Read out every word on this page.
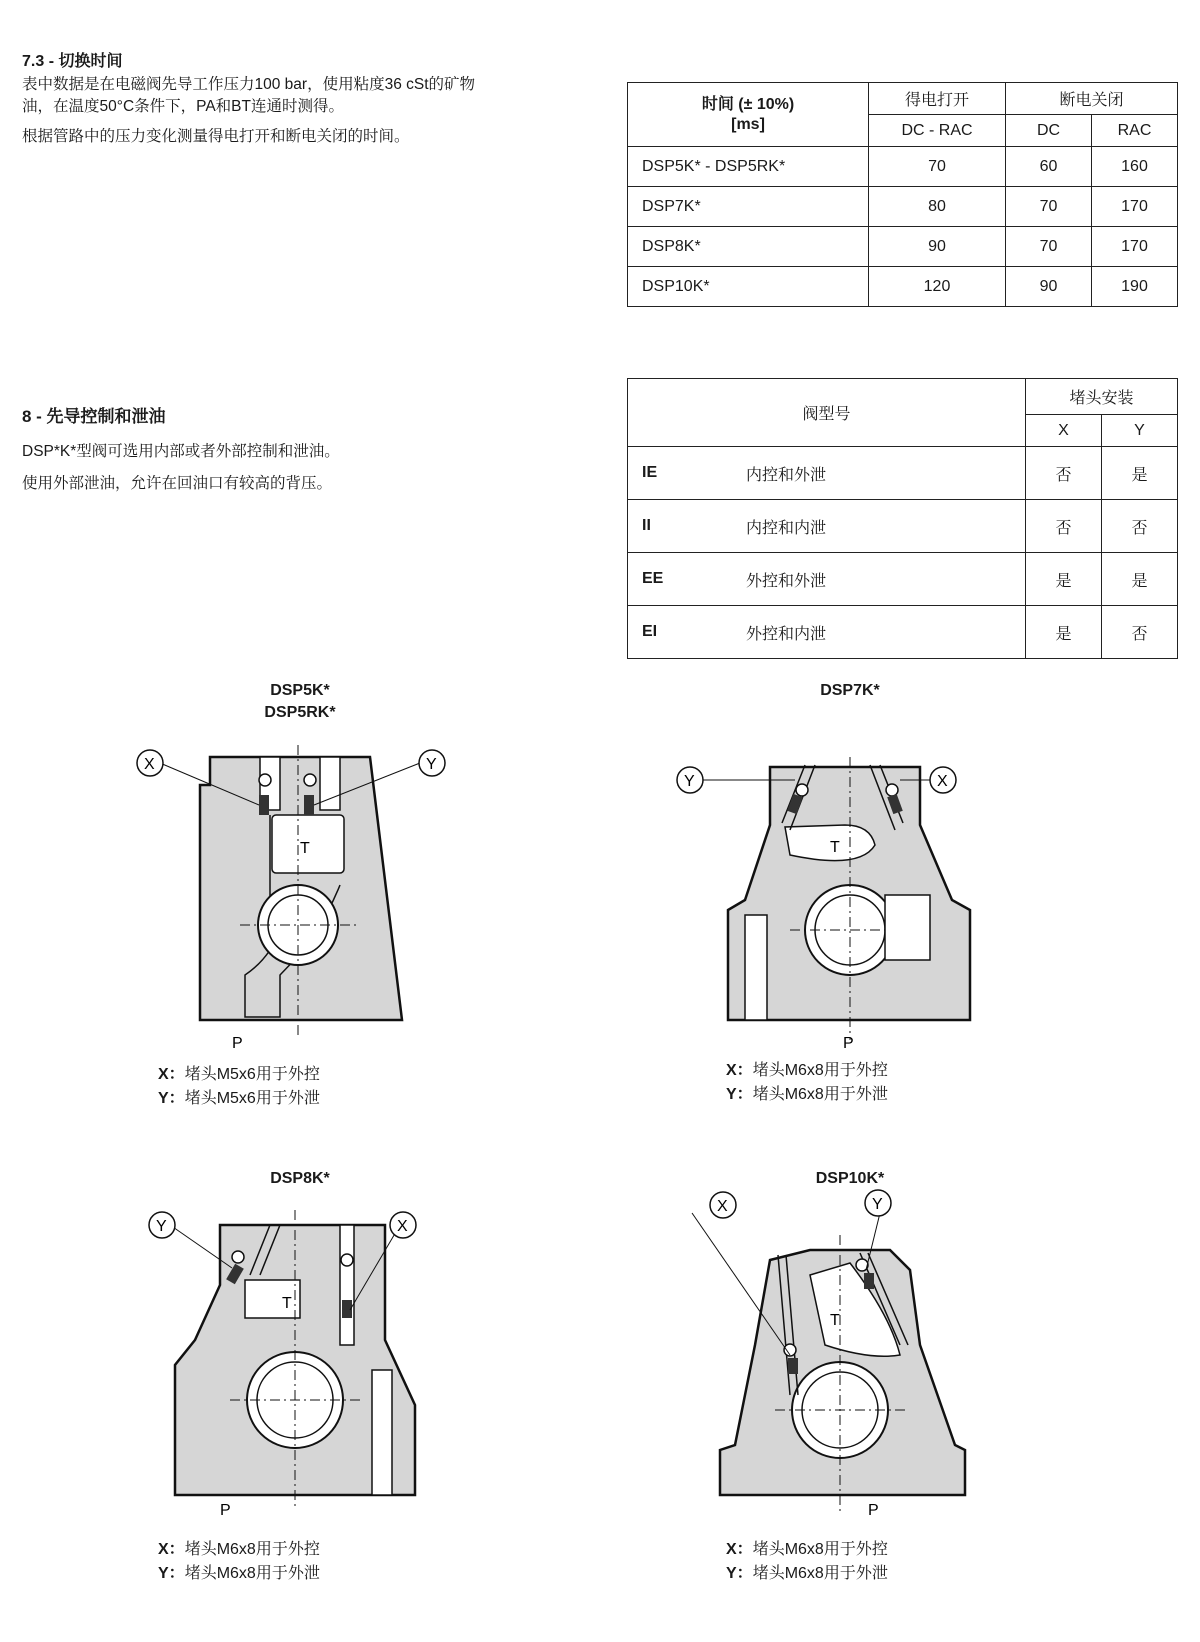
7.3 - 切换时间
表中数据是在电磁阀先导工作压力100 bar，使用粘度36 cSt的矿物
油，在温度50°C条件下，PA和BT连通时测得。
根据管路中的压力变化测量得电打开和断电关闭的时间。
时间 (± 10%)
[ms]	得电打开	断电关闭	
	DC - RAC	DC	RAC
DSP5K* - DSP5RK*	70	60	160
DSP7K*	80	70	170
DSP8K*	90	70	170
DSP10K*	120	90	190
8 - 先导控制和泄油
DSP*K*型阀可选用内部或者外部控制和泄油。
使用外部泄油，允许在回油口有较高的背压。
阀型号		堵头安装	
		X	Y
IE	内控和外泄	否	是
II	内控和内泄	否	否
EE	外控和外泄	是	是
EI	外控和内泄	是	否
DSP5K*
DSP5RK*
T
X	Y
P
X：堵头M5x6用于外控
Y：堵头M5x6用于外泄
DSP7K*
T
Y	X
P
X：堵头M6x8用于外控
Y：堵头M6x8用于外泄
DSP8K*
T
Y	X
P
X：堵头M6x8用于外控
Y：堵头M6x8用于外泄
DSP10K*
T
Y
P
X
X：堵头M6x8用于外控
Y：堵头M6x8用于外泄
